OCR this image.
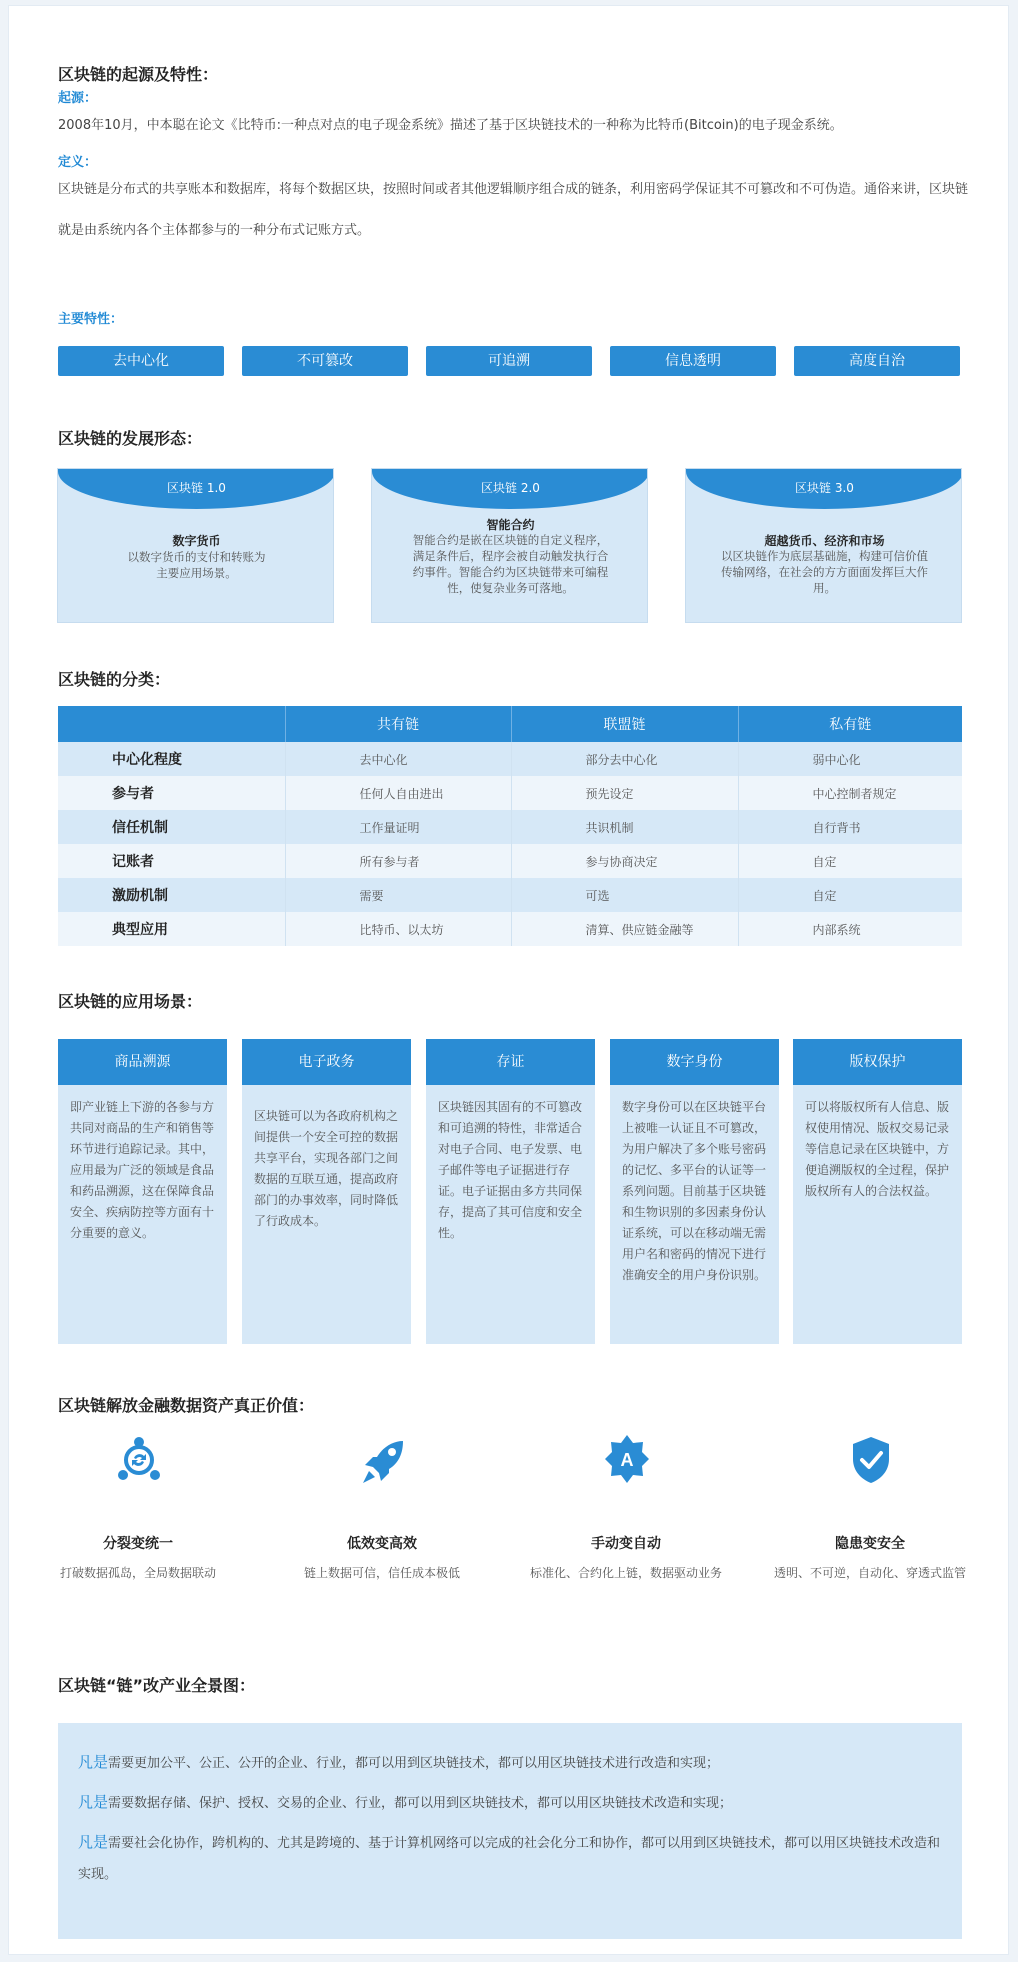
区块链的起源及特性：
起源：
2008年10月，中本聪在论文《比特币:一种点对点的电子现金系统》描述了基于区块链技术的一种称为比特币(Bitcoin)的电子现金系统。
定义：
区块链是分布式的共享账本和数据库，将每个数据区块，按照时间或者其他逻辑顺序组合成的链条，利用密码学保证其不可篡改和不可伪造。通俗来讲，区块链就是由系统内各个主体都参与的一种分布式记账方式。
主要特性：
去中心化	不可篡改	可追溯	信息透明	高度自治
区块链的发展形态：
区块链 1.0
数字货币
以数字货币的支付和转账为主要应用场景。
区块链 2.0
智能合约
智能合约是嵌在区块链的自定义程序，满足条件后，程序会被自动触发执行合约事件。智能合约为区块链带来可编程性，使复杂业务可落地。
区块链 3.0
超越货币、经济和市场
以区块链作为底层基础施，构建可信价值传输网络，在社会的方方面面发挥巨大作用。
区块链的分类：
	共有链	联盟链	私有链
中心化程度	去中心化	部分去中心化	弱中心化
参与者	任何人自由进出	预先设定	中心控制者规定
信任机制	工作量证明	共识机制	自行背书
记账者	所有参与者	参与协商决定	自定
激励机制	需要	可选	自定
典型应用	比特币、以太坊	清算、供应链金融等	内部系统
区块链的应用场景：
商品溯源
即产业链上下游的各参与方共同对商品的生产和销售等环节进行追踪记录。其中，应用最为广泛的领域是食品和药品溯源，这在保障食品安全、疾病防控等方面有十分重要的意义。
电子政务
区块链可以为各政府机构之间提供一个安全可控的数据共享平台，实现各部门之间数据的互联互通，提高政府部门的办事效率，同时降低了行政成本。
存证
区块链因其固有的不可篡改和可追溯的特性，非常适合对电子合同、电子发票、电子邮件等电子证据进行存证。电子证据由多方共同保存，提高了其可信度和安全性。
数字身份
数字身份可以在区块链平台上被唯一认证且不可篡改，为用户解决了多个账号密码的记忆、多平台的认证等一系列问题。目前基于区块链和生物识别的多因素身份认证系统，可以在移动端无需用户名和密码的情况下进行准确安全的用户身份识别。
版权保护
可以将版权所有人信息、版权使用情况、版权交易记录等信息记录在区块链中，方便追溯版权的全过程，保护版权所有人的合法权益。
区块链解放金融数据资产真正价值：
分裂变统一
打破数据孤岛，全局数据联动
低效变高效
链上数据可信，信任成本极低
A
手动变自动
标准化、合约化上链，数据驱动业务
隐患变安全
透明、不可逆，自动化、穿透式监管
区块链“链”改产业全景图：
凡是需要更加公平、公正、公开的企业、行业，都可以用到区块链技术，都可以用区块链技术进行改造和实现；
凡是需要数据存储、保护、授权、交易的企业、行业，都可以用到区块链技术，都可以用区块链技术改造和实现；
凡是需要社会化协作，跨机构的、尤其是跨境的、基于计算机网络可以完成的社会化分工和协作，都可以用到区块链技术，都可以用区块链技术改造和实现。
